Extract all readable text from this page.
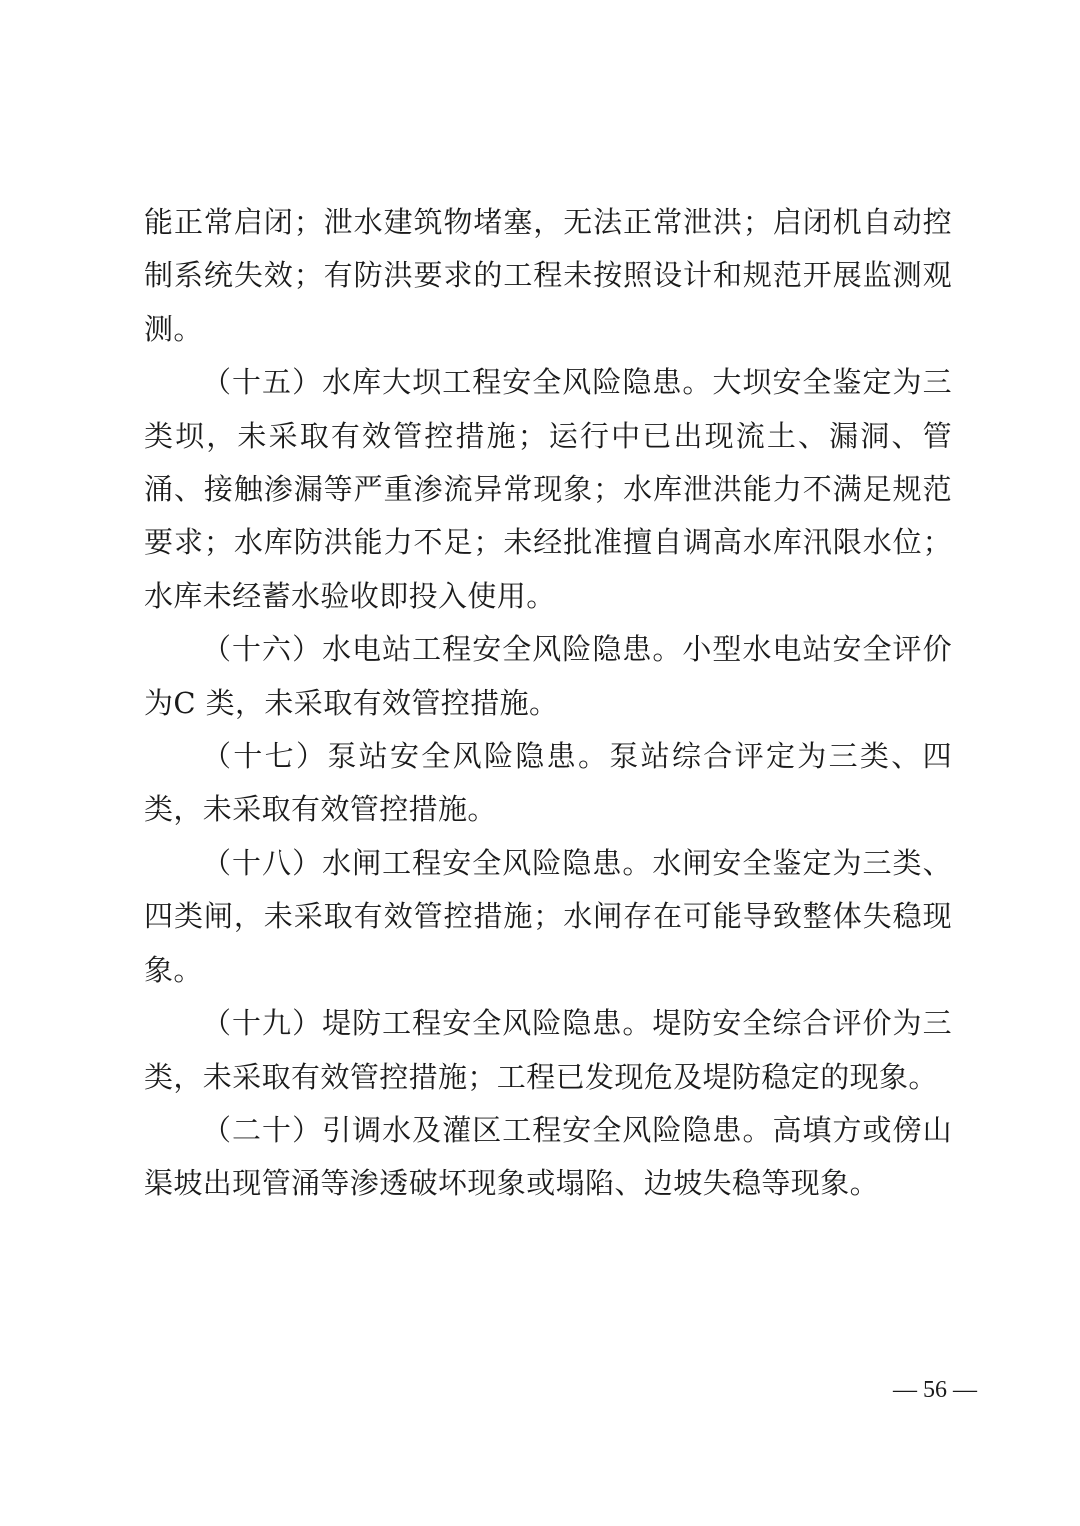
能正常启闭；泄水建筑物堵塞，无法正常泄洪；启闭机自动控制系统失效；有防洪要求的工程未按照设计和规范开展监测观测。

（十五）水库大坝工程安全风险隐患。大坝安全鉴定为三类坝，未采取有效管控措施；运行中已出现流土、漏洞、管涌、接触渗漏等严重渗流异常现象；水库泄洪能力不满足规范要求；水库防洪能力不足；未经批准擅自调高水库汛限水位；水库未经蓄水验收即投入使用。

（十六）水电站工程安全风险隐患。小型水电站安全评价为C 类，未采取有效管控措施。

（十七）泵站安全风险隐患。泵站综合评定为三类、四类，未采取有效管控措施。

（十八）水闸工程安全风险隐患。水闸安全鉴定为三类、四类闸，未采取有效管控措施；水闸存在可能导致整体失稳现象。

（十九）堤防工程安全风险隐患。堤防安全综合评价为三类，未采取有效管控措施；工程已发现危及堤防稳定的现象。

（二十）引调水及灌区工程安全风险隐患。高填方或傍山渠坡出现管涌等渗透破坏现象或塌陷、边坡失稳等现象。

— 56 —
